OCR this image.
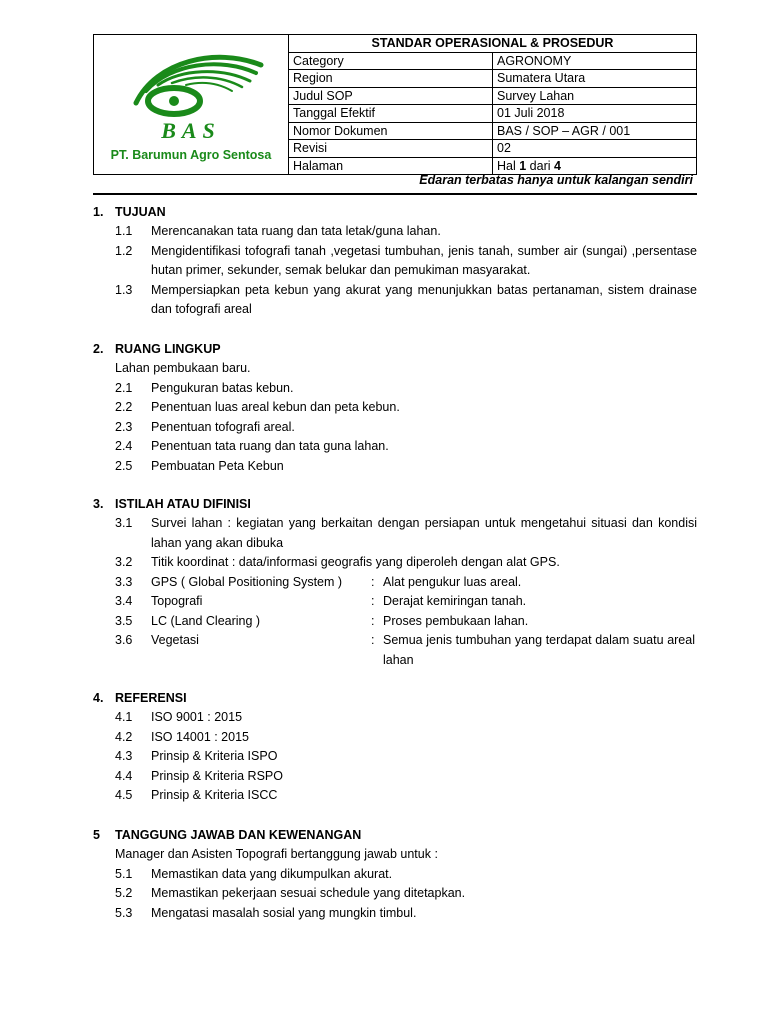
BAS
PT. Barumun Agro Sentosa	STANDAR OPERASIONAL & PROSEDUR	
	Category	AGRONOMY
	Region	Sumatera Utara
	Judul SOP	Survey Lahan
	Tanggal Efektif	01 Juli 2018
	Nomor Dokumen	BAS / SOP – AGR / 001
	Revisi	02
	Halaman	Hal 1 dari 4
Edaran terbatas hanya untuk kalangan sendiri
1. TUJUAN
1.1 Merencanakan tata ruang dan tata letak/guna lahan.
1.2 Mengidentifikasi tofografi tanah ,vegetasi tumbuhan, jenis tanah, sumber air (sungai) ,persentase hutan primer, sekunder, semak belukar dan pemukiman masyarakat.
1.3 Mempersiapkan peta kebun yang akurat yang menunjukkan batas pertanaman, sistem drainase dan tofografi areal
2. RUANG LINGKUP
Lahan pembukaan baru.
2.1 Pengukuran batas kebun.
2.2 Penentuan luas areal kebun dan peta kebun.
2.3 Penentuan tofografi areal.
2.4 Penentuan tata ruang dan tata guna lahan.
2.5 Pembuatan Peta Kebun
3. ISTILAH ATAU DIFINISI
3.1 Survei lahan : kegiatan yang berkaitan dengan persiapan untuk mengetahui situasi dan kondisi lahan yang akan dibuka
3.2 Titik koordinat : data/informasi geografis yang diperoleh dengan alat GPS.
3.3 GPS ( Global Positioning System ) : Alat pengukur luas areal.
3.4 Topografi	: Derajat kemiringan tanah.
3.5 LC (Land Clearing )	: Proses pembukaan lahan.
3.6 Vegetasi	: Semua jenis tumbuhan yang terdapat dalam suatu areal lahan
4. REFERENSI
4.1 ISO 9001 : 2015
4.2 ISO 14001 : 2015
4.3 Prinsip & Kriteria ISPO
4.4 Prinsip & Kriteria RSPO
4.5 Prinsip & Kriteria ISCC
5 TANGGUNG JAWAB DAN KEWENANGAN
Manager dan Asisten Topografi bertanggung jawab untuk :
5.1 Memastikan data yang dikumpulkan akurat.
5.2 Memastikan pekerjaan sesuai schedule yang ditetapkan.
5.3 Mengatasi masalah sosial yang mungkin timbul.
